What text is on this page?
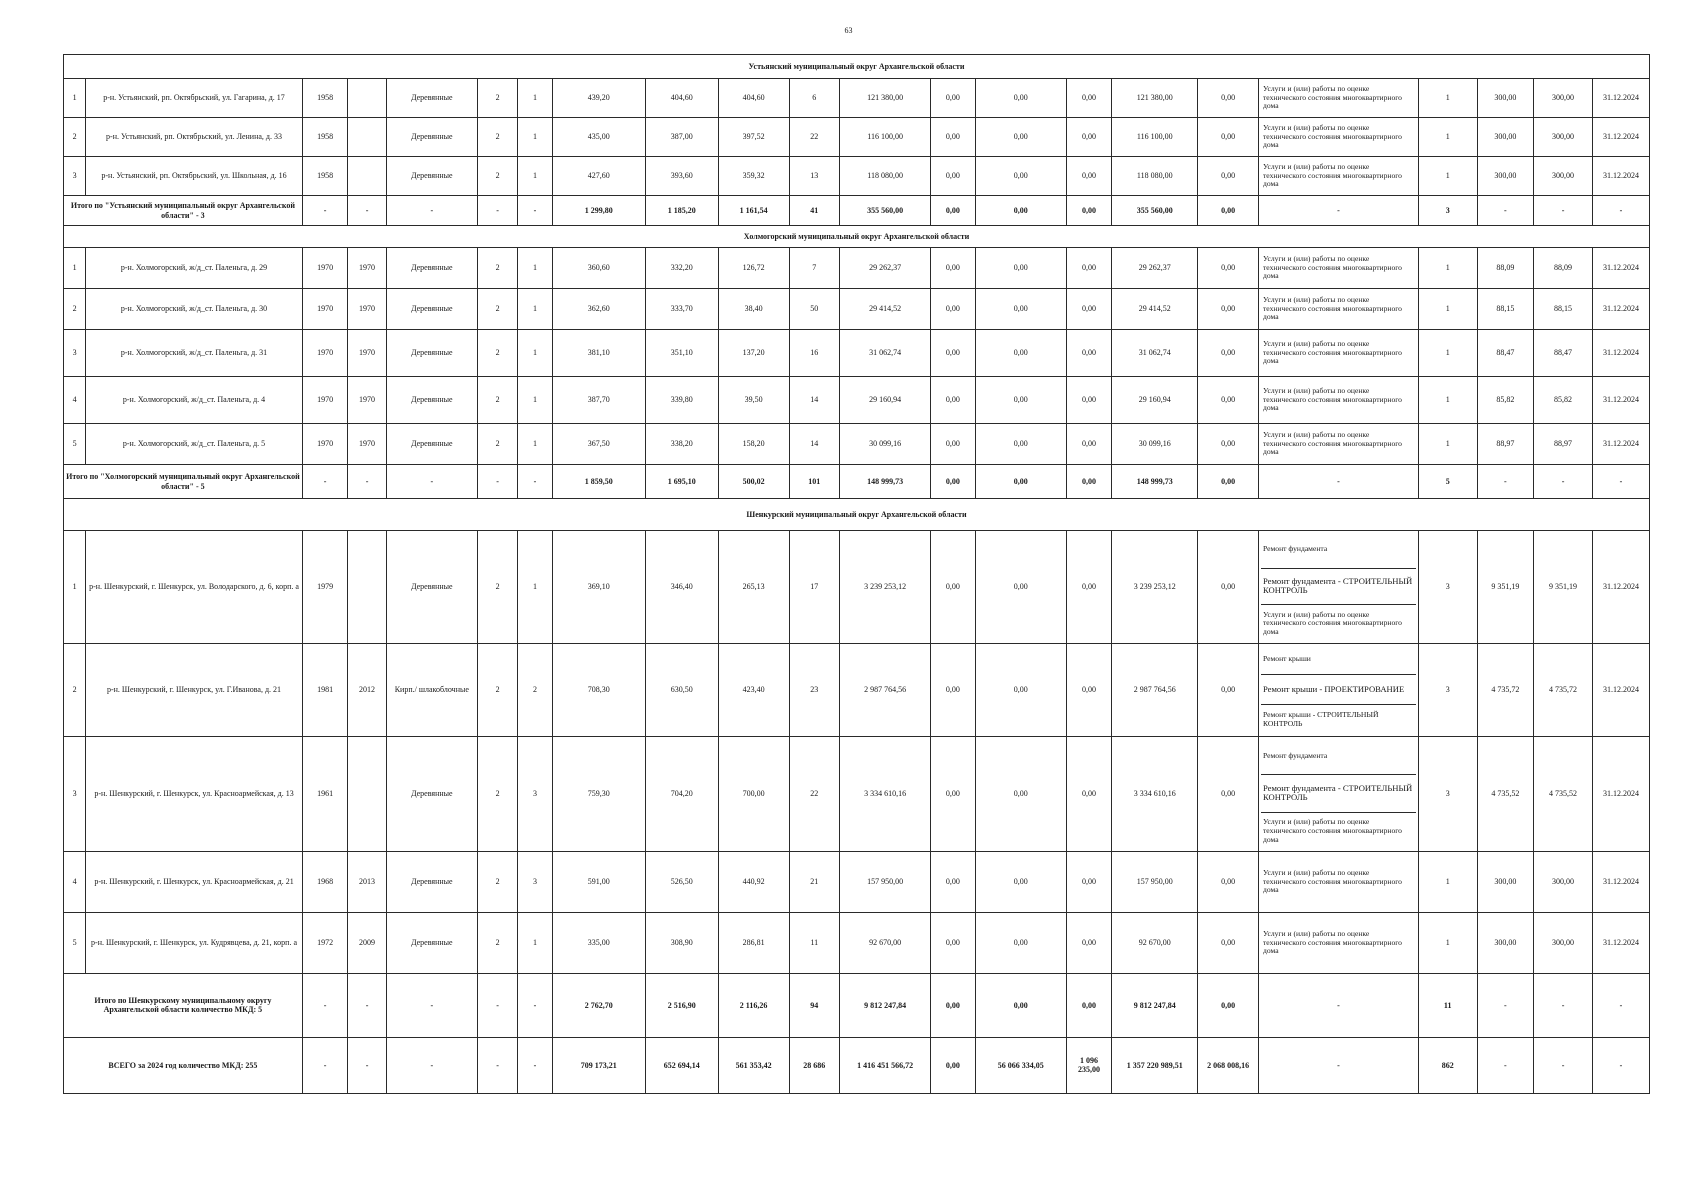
63
Устьянский муниципальный округ Архангельской области																					
1	р-н. Устьянский, рп. Октябрьский, ул. Гагарина, д. 17	1958		Деревянные	2	1	439,20	404,60	404,60	6	121 380,00	0,00	0,00	0,00	121 380,00	0,00	Услуги и (или) работы по оценке технического состояния многоквартирного дома	1	300,00	300,00	31.12.2024
2	р-н. Устьянский, рп. Октябрьский, ул. Ленина, д. 33	1958		Деревянные	2	1	435,00	387,00	397,52	22	116 100,00	0,00	0,00	0,00	116 100,00	0,00	Услуги и (или) работы по оценке технического состояния многоквартирного дома	1	300,00	300,00	31.12.2024
3	р-н. Устьянский, рп. Октябрьский, ул. Школьная, д. 16	1958		Деревянные	2	1	427,60	393,60	359,32	13	118 080,00	0,00	0,00	0,00	118 080,00	0,00	Услуги и (или) работы по оценке технического состояния многоквартирного дома	1	300,00	300,00	31.12.2024
Итого по "Устьянский муниципальный округ Архангельской области" - 3		-	-	-	-	-	1 299,80	1 185,20	1 161,54	41	355 560,00	0,00	0,00	0,00	355 560,00	0,00	-	3	-	-	-
Холмогорский муниципальный округ Архангельской области																					
1	р-н. Холмогорский, ж/д_ст. Паленьга, д. 29	1970	1970	Деревянные	2	1	360,60	332,20	126,72	7	29 262,37	0,00	0,00	0,00	29 262,37	0,00	Услуги и (или) работы по оценке технического состояния многоквартирного дома	1	88,09	88,09	31.12.2024
2	р-н. Холмогорский, ж/д_ст. Паленьга, д. 30	1970	1970	Деревянные	2	1	362,60	333,70	38,40	50	29 414,52	0,00	0,00	0,00	29 414,52	0,00	Услуги и (или) работы по оценке технического состояния многоквартирного дома	1	88,15	88,15	31.12.2024
3	р-н. Холмогорский, ж/д_ст. Паленьга, д. 31	1970	1970	Деревянные	2	1	381,10	351,10	137,20	16	31 062,74	0,00	0,00	0,00	31 062,74	0,00	Услуги и (или) работы по оценке технического состояния многоквартирного дома	1	88,47	88,47	31.12.2024
4	р-н. Холмогорский, ж/д_ст. Паленьга, д. 4	1970	1970	Деревянные	2	1	387,70	339,80	39,50	14	29 160,94	0,00	0,00	0,00	29 160,94	0,00	Услуги и (или) работы по оценке технического состояния многоквартирного дома	1	85,82	85,82	31.12.2024
5	р-н. Холмогорский, ж/д_ст. Паленьга, д. 5	1970	1970	Деревянные	2	1	367,50	338,20	158,20	14	30 099,16	0,00	0,00	0,00	30 099,16	0,00	Услуги и (или) работы по оценке технического состояния многоквартирного дома	1	88,97	88,97	31.12.2024
Итого по "Холмогорский муниципальный округ Архангельской области" - 5		-	-	-	-	-	1 859,50	1 695,10	500,02	101	148 999,73	0,00	0,00	0,00	148 999,73	0,00	-	5	-	-	-
Шенкурский муниципальный округ Архангельской области																					
1	р-н. Шенкурский, г. Шенкурск, ул. Володарского, д. 6, корп. а	1979		Деревянные	2	1	369,10	346,40	265,13	17	3 239 253,12	0,00	0,00	0,00	3 239 253,12	0,00	Ремонт фундамента
Ремонт фундамента - СТРОИТЕЛЬНЫЙ КОНТРОЛЬ
Услуги и (или) работы по оценке технического состояния многоквартирного дома	3	9 351,19	9 351,19	31.12.2024
2	р-н. Шенкурский, г. Шенкурск, ул. Г.Иванова, д. 21	1981	2012	Кирп./ шлакоблочные	2	2	708,30	630,50	423,40	23	2 987 764,56	0,00	0,00	0,00	2 987 764,56	0,00	Ремонт крыши
Ремонт крыши - ПРОЕКТИРОВАНИЕ
Ремонт крыши - СТРОИТЕЛЬНЫЙ КОНТРОЛЬ	3	4 735,72	4 735,72	31.12.2024
3	р-н. Шенкурский, г. Шенкурск, ул. Красноармейская, д. 13	1961		Деревянные	2	3	759,30	704,20	700,00	22	3 334 610,16	0,00	0,00	0,00	3 334 610,16	0,00	Ремонт фундамента
Ремонт фундамента - СТРОИТЕЛЬНЫЙ КОНТРОЛЬ
Услуги и (или) работы по оценке технического состояния многоквартирного дома	3	4 735,52	4 735,52	31.12.2024
4	р-н. Шенкурский, г. Шенкурск, ул. Красноармейская, д. 21	1968	2013	Деревянные	2	3	591,00	526,50	440,92	21	157 950,00	0,00	0,00	0,00	157 950,00	0,00	Услуги и (или) работы по оценке технического состояния многоквартирного дома	1	300,00	300,00	31.12.2024
5	р-н. Шенкурский, г. Шенкурск, ул. Кудрявцева, д. 21, корп. а	1972	2009	Деревянные	2	1	335,00	308,90	286,81	11	92 670,00	0,00	0,00	0,00	92 670,00	0,00	Услуги и (или) работы по оценке технического состояния многоквартирного дома	1	300,00	300,00	31.12.2024
Итого по Шенкурскому муниципальному округу Архангельской области количество МКД: 5		-	-	-	-	-	2 762,70	2 516,90	2 116,26	94	9 812 247,84	0,00	0,00	0,00	9 812 247,84	0,00	-	11	-	-	-
ВСЕГО за 2024 год количество МКД: 255		-	-	-	-	-	709 173,21	652 694,14	561 353,42	28 686	1 416 451 566,72	0,00	56 066 334,05	1 096 235,00	1 357 220 989,51	2 068 008,16	-	862	-	-	-
